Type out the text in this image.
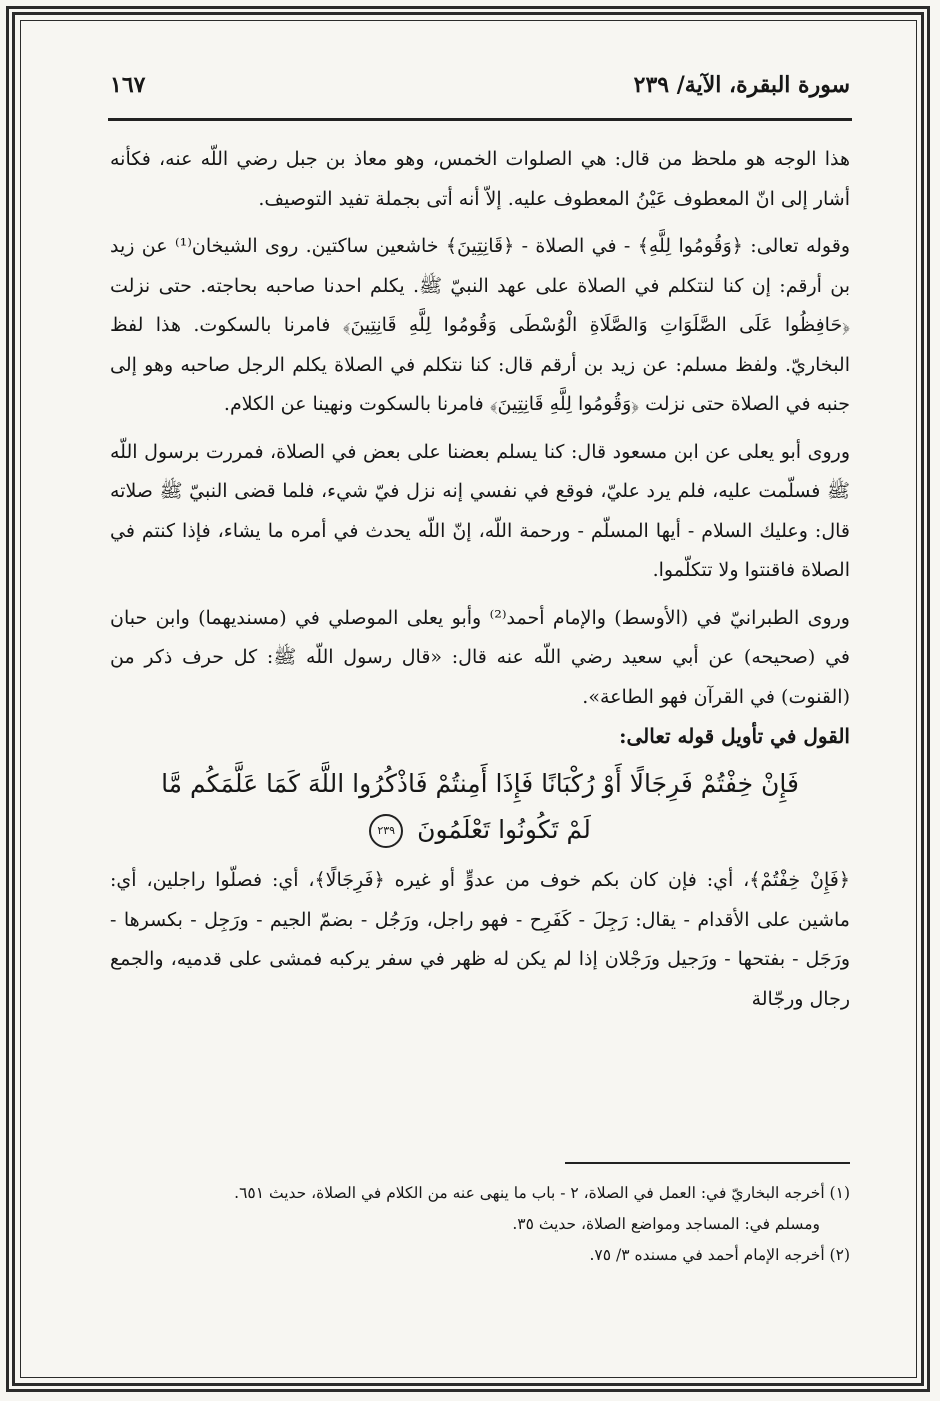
سورة البقرة، الآية/ ٢٣٩
١٦٧

هذا الوجه هو ملحظ من قال: هي الصلوات الخمس، وهو معاذ بن جبل رضي اللّه عنه، فكأنه أشار إلى انّ المعطوف عَيْنُ المعطوف عليه. إلاّ أنه أتى بجملة تفيد التوصيف.

وقوله تعالى: ﴿وَقُومُوا لِلَّهِ﴾ - في الصلاة - ﴿قَانِتِينَ﴾ خاشعين ساكتين. روى الشيخان⁽¹⁾ عن زيد بن أرقم: إن كنا لنتكلم في الصلاة على عهد النبيّ ﷺ. يكلم احدنا صاحبه بحاجته. حتى نزلت ﴿حَافِظُوا عَلَى الصَّلَوَاتِ وَالصَّلَاةِ الْوُسْطَى وَقُومُوا لِلَّهِ قَانِتِينَ﴾ فامرنا بالسكوت. هذا لفظ البخاريّ. ولفظ مسلم: عن زيد بن أرقم قال: كنا نتكلم في الصلاة يكلم الرجل صاحبه وهو إلى جنبه في الصلاة حتى نزلت ﴿وَقُومُوا لِلَّهِ قَانِتِينَ﴾ فامرنا بالسكوت ونهينا عن الكلام.

وروى أبو يعلى عن ابن مسعود قال: كنا يسلم بعضنا على بعض في الصلاة، فمررت برسول اللّه ﷺ فسلّمت عليه، فلم يرد عليّ، فوقع في نفسي إنه نزل فيّ شيء، فلما قضى النبيّ ﷺ صلاته قال: وعليك السلام - أيها المسلّم - ورحمة اللّه، إنّ اللّه يحدث في أمره ما يشاء، فإذا كنتم في الصلاة فاقنتوا ولا تتكلّموا.

وروى الطبرانيّ في (الأوسط) والإمام أحمد⁽²⁾ وأبو يعلى الموصلي في (مسنديهما) وابن حبان في (صحيحه) عن أبي سعيد رضي اللّه عنه قال: «قال رسول اللّه ﷺ: كل حرف ذكر من (القنوت) في القرآن فهو الطاعة».

القول في تأويل قوله تعالى:

فَإِنْ خِفْتُمْ فَرِجَالًا أَوْ رُكْبَانًا فَإِذَا أَمِنتُمْ فَاذْكُرُوا اللَّهَ كَمَا عَلَّمَكُم مَّا
لَمْ تَكُونُوا تَعْلَمُونَ ٢٣٩

﴿فَإِنْ خِفْتُمْ﴾، أي: فإن كان بكم خوف من عدوٍّ أو غيره ﴿فَرِجَالًا﴾، أي: فصلّوا راجلين، أي: ماشين على الأقدام - يقال: رَجِلَ - كَفَرِح - فهو راجل، ورَجُل - بضمّ الجيم - ورَجِل - بكسرها - ورَجَل - بفتحها - ورَجيل ورَجْلان إذا لم يكن له ظهر في سفر يركبه فمشى على قدميه، والجمع رجال ورجّالة

(١) أخرجه البخاريّ في: العمل في الصلاة، ٢ - باب ما ينهى عنه من الكلام في الصلاة، حديث ٦٥١.

ومسلم في: المساجد ومواضع الصلاة، حديث ٣٥.

(٢) أخرجه الإمام أحمد في مسنده ٣/ ٧٥.
